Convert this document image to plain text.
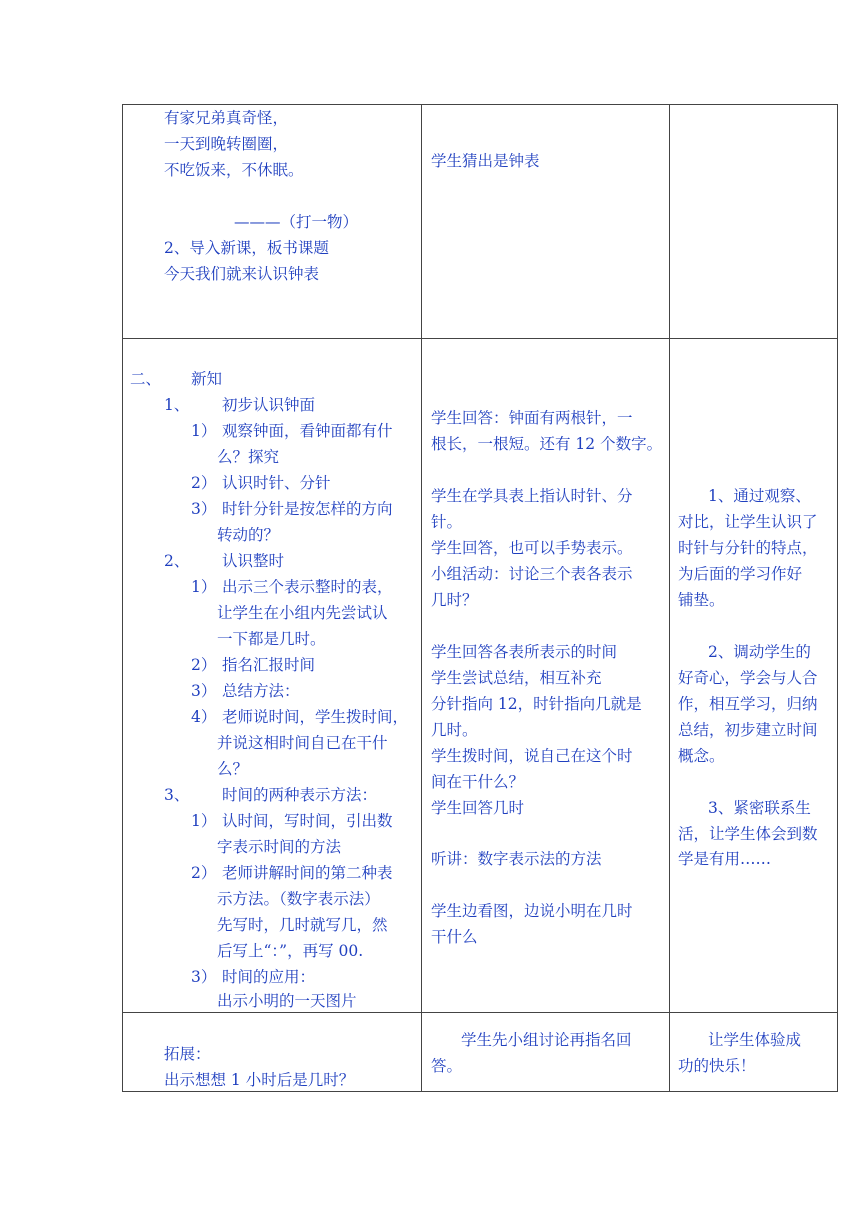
有家兄弟真奇怪，
一天到晚转圈圈，
不吃饭来，不休眠。
———（打一物）
2、导入新课，板书课题
今天我们就来认识钟表
学生猜出是钟表
二、 新知
1、 初步认识钟面
1） 观察钟面，看钟面都有什
么？探究
2） 认识时针、分针
3） 时针分针是按怎样的方向
转动的？
2、 认识整时
1） 出示三个表示整时的表，
让学生在小组内先尝试认
一下都是几时。
2） 指名汇报时间
3） 总结方法：
4） 老师说时间，学生拨时间，
并说这相时间自已在干什
么？
3、 时间的两种表示方法：
1） 认时间，写时间，引出数
字表示时间的方法
2） 老师讲解时间的第二种表
示方法。（数字表示法）
先写时，几时就写几，然
后写上“：”，再写 00.
3） 时间的应用：
出示小明的一天图片
学生回答：钟面有两根针，一
根长，一根短。还有 12 个数字。
学生在学具表上指认时针、分
针。
学生回答，也可以手势表示。
小组活动：讨论三个表各表示
几时？
学生回答各表所表示的时间
学生尝试总结，相互补充
分针指向 12，时针指向几就是
几时。
学生拨时间，说自己在这个时
间在干什么？
学生回答几时
听讲：数字表示法的方法
学生边看图，边说小明在几时
干什么
1、通过观察、
对比，让学生认识了
时针与分针的特点，
为后面的学习作好
铺垫。
2、调动学生的
好奇心，学会与人合
作，相互学习，归纳
总结，初步建立时间
概念。
3、紧密联系生
活，让学生体会到数
学是有用……
拓展：
出示想想 1 小时后是几时？
学生先小组讨论再指名回
答。
让学生体验成
功的快乐！
